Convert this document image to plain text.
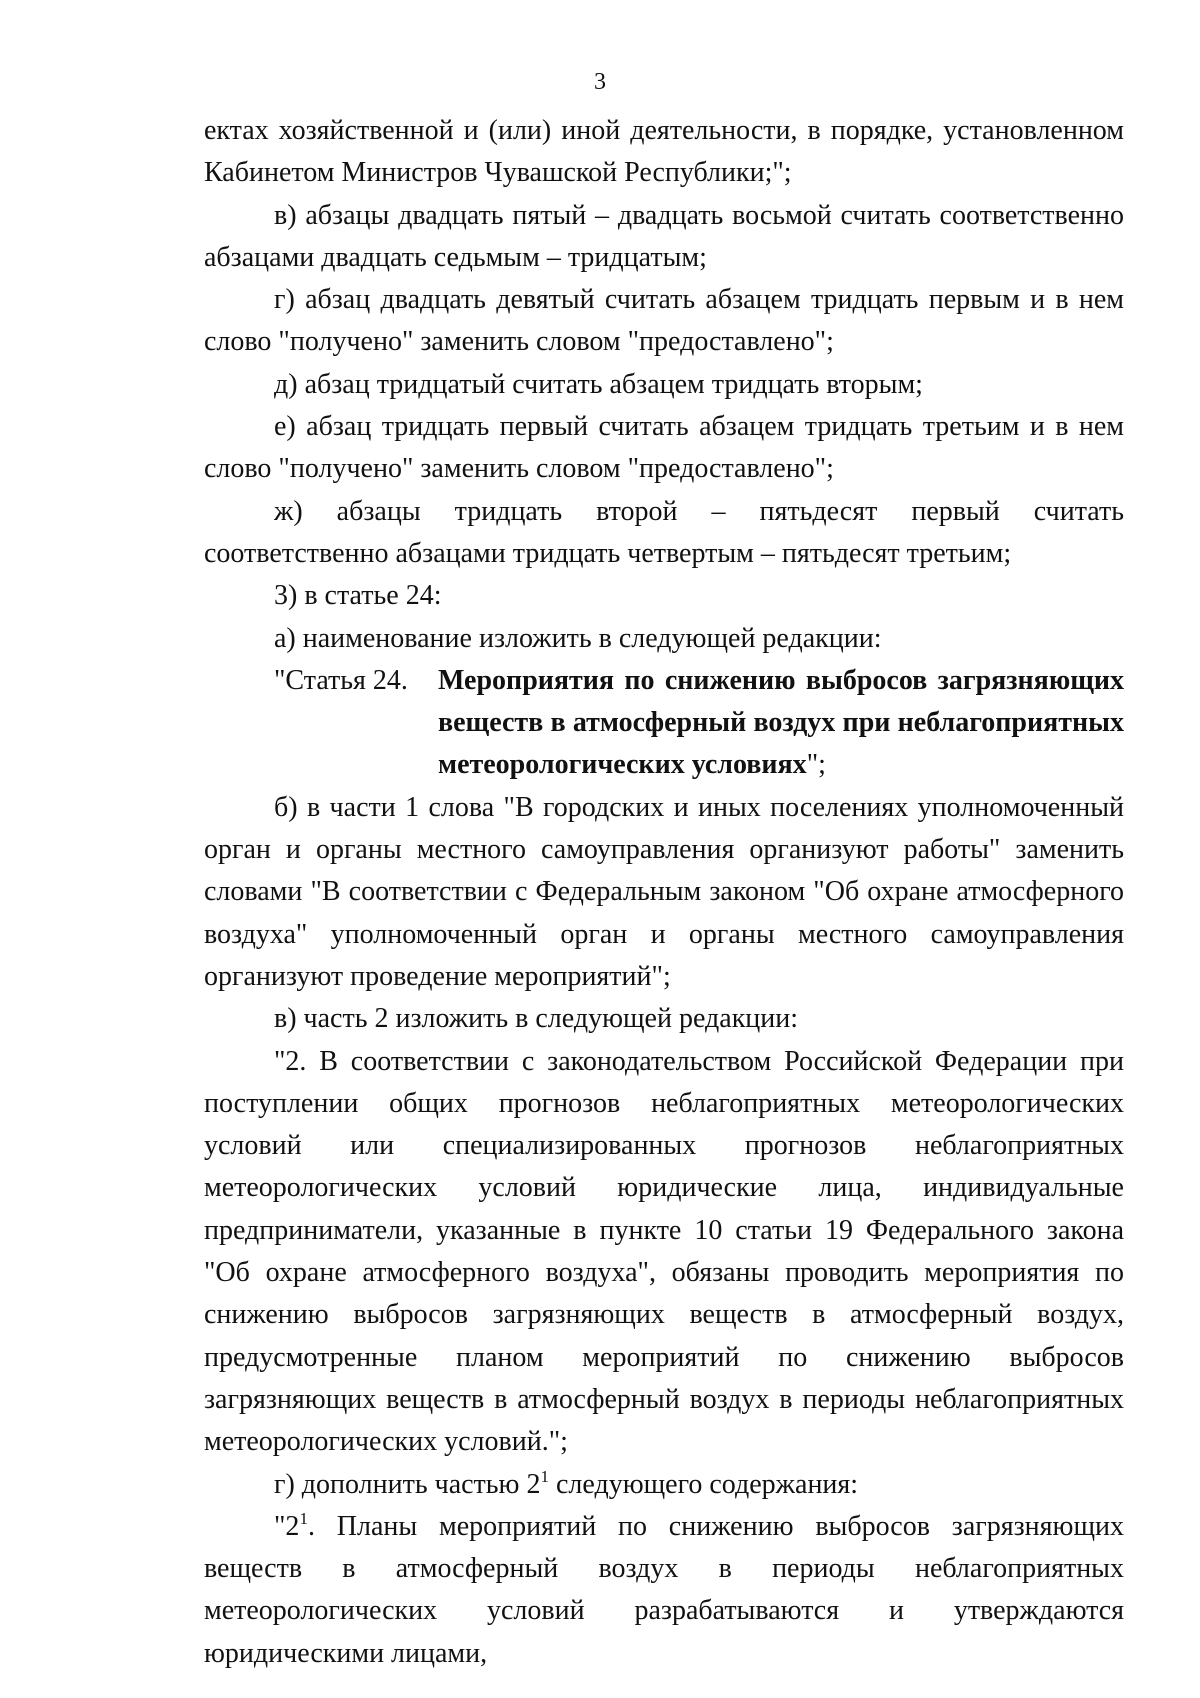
3

ектах хозяйственной и (или) иной деятельности, в порядке, установленном Кабинетом Министров Чувашской Республики;";

в) абзацы двадцать пятый – двадцать восьмой считать соответственно абзацами двадцать седьмым – тридцатым;

г) абзац двадцать девятый считать абзацем тридцать первым и в нем слово "получено" заменить словом "предоставлено";

д) абзац тридцатый считать абзацем тридцать вторым;

е) абзац тридцать первый считать абзацем тридцать третьим и в нем слово "получено" заменить словом "предоставлено";

ж) абзацы тридцать второй – пятьдесят первый считать соответственно абзацами тридцать четвертым – пятьдесят третьим;

3) в статье 24:

а) наименование изложить в следующей редакции:

"Статья 24.	Мероприятия по снижению выбросов загрязняющих веществ в атмосферный воздух при неблагоприятных метеорологических условиях";

б) в части 1 слова "В городских и иных поселениях уполномоченный орган и органы местного самоуправления организуют работы" заменить словами "В соответствии с Федеральным законом "Об охране атмосферного воздуха" уполномоченный орган и органы местного самоуправления организуют проведение мероприятий";

в) часть 2 изложить в следующей редакции:

"2. В соответствии с законодательством Российской Федерации при поступлении общих прогнозов неблагоприятных метеорологических условий или специализированных прогнозов неблагоприятных метеорологических условий юридические лица, индивидуальные предприниматели, указанные в пункте 10 статьи 19 Федерального закона "Об охране атмосферного воздуха", обязаны проводить мероприятия по снижению выбросов загрязняющих веществ в атмосферный воздух, предусмотренные планом мероприятий по снижению выбросов загрязняющих веществ в атмосферный воздух в периоды неблагоприятных метеорологических условий.";

г) дополнить частью $2^1$ следующего содержания:

"$2^1$. Планы мероприятий по снижению выбросов загрязняющих веществ в атмосферный воздух в периоды неблагоприятных метеорологических условий разрабатываются и утверждаются юридическими лицами,
